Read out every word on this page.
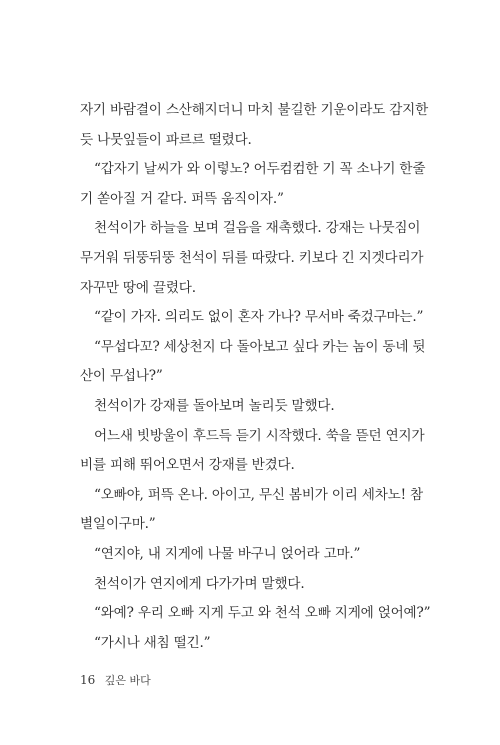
자기 바람결이 스산해지더니 마치 불길한 기운이라도 감지한
듯 나뭇잎들이 파르르 떨렸다.
“갑자기 날씨가 와 이렇노? 어두컴컴한 기 꼭 소나기 한줄
기 쏟아질 거 같다. 퍼뜩 움직이자.”
천석이가 하늘을 보며 걸음을 재촉했다. 강재는 나뭇짐이
무거워 뒤뚱뒤뚱 천석이 뒤를 따랐다. 키보다 긴 지겟다리가
자꾸만 땅에 끌렸다.
“같이 가자. 의리도 없이 혼자 가나? 무서바 죽겄구마는.”
“무섭다꼬? 세상천지 다 돌아보고 싶다 카는 놈이 동네 뒷
산이 무섭나?”
천석이가 강재를 돌아보며 놀리듯 말했다.
어느새 빗방울이 후드득 듣기 시작했다. 쑥을 뜯던 연지가
비를 피해 뛰어오면서 강재를 반겼다.
“오빠야, 퍼뜩 온나. 아이고, 무신 봄비가 이리 세차노! 참
별일이구마.”
“연지야, 내 지게에 나물 바구니 얹어라 고마.”
천석이가 연지에게 다가가며 말했다.
“와예? 우리 오빠 지게 두고 와 천석 오빠 지게에 얹어예?”
“가시나 새침 떨긴.”
16 깊은 바다
